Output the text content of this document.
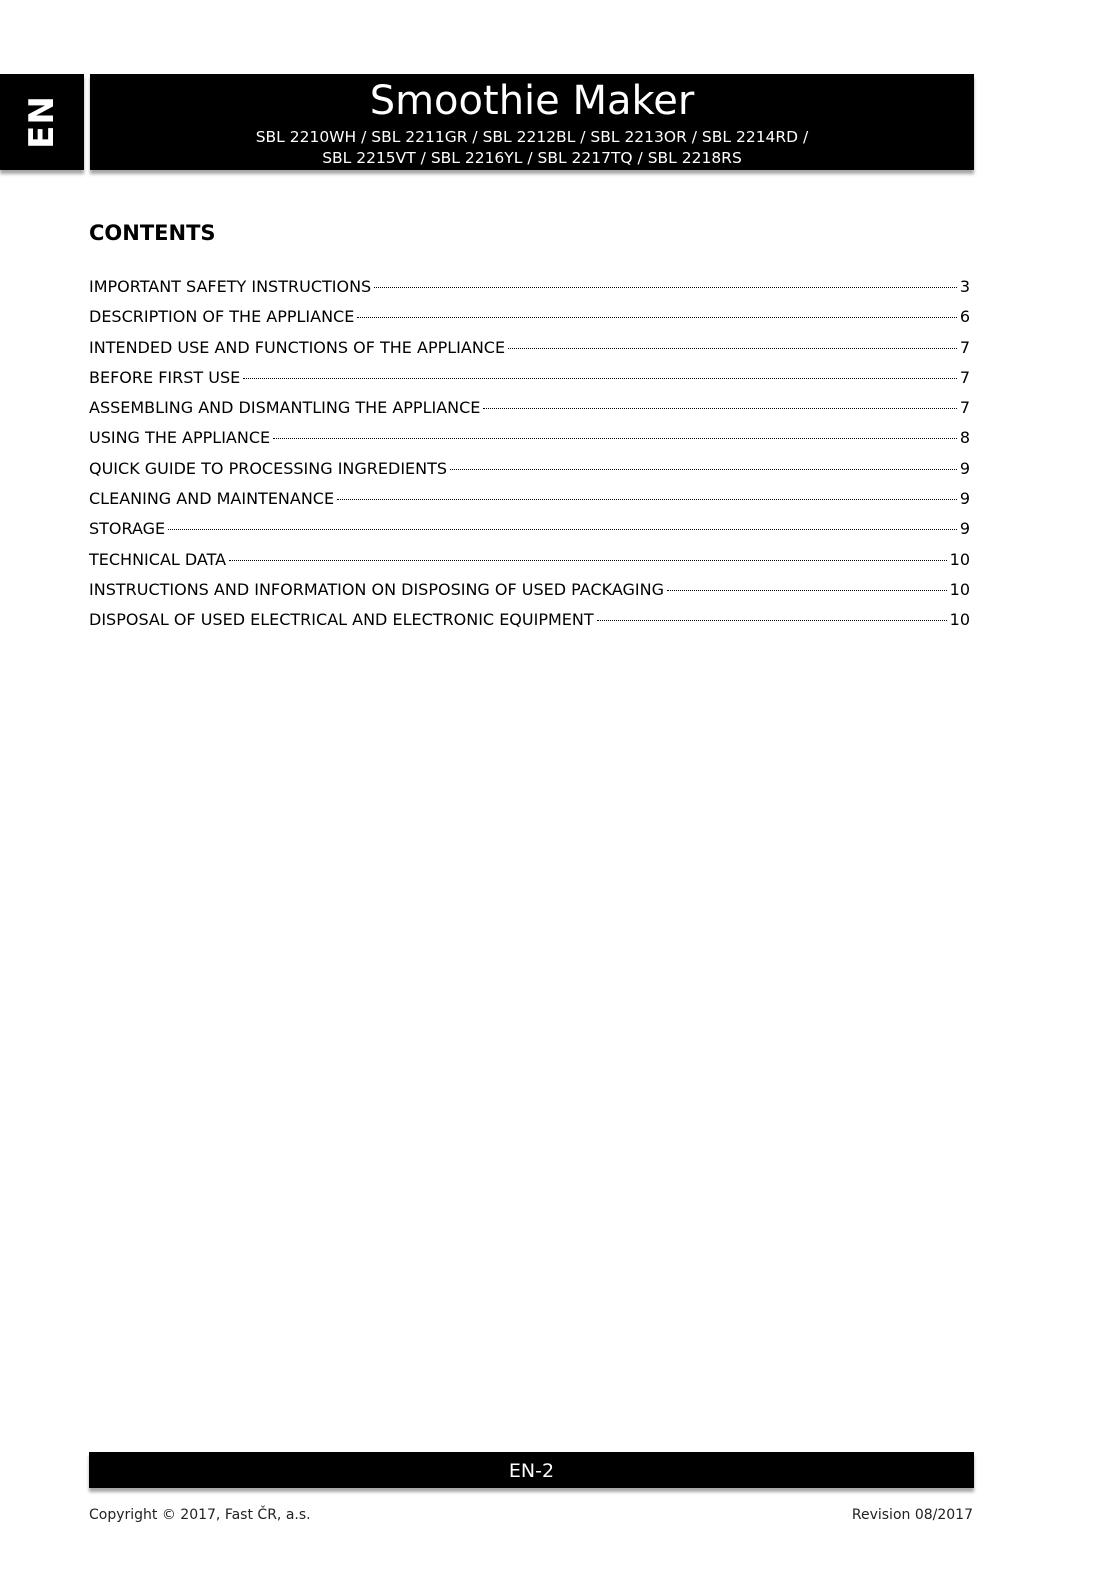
EN	Smoothie Maker
SBL 2210WH / SBL 2211GR / SBL 2212BL / SBL 2213OR / SBL 2214RD /
SBL 2215VT / SBL 2216YL / SBL 2217TQ / SBL 2218RS
CONTENTS
IMPORTANT SAFETY INSTRUCTIONS	3
DESCRIPTION OF THE APPLIANCE	6
INTENDED USE AND FUNCTIONS OF THE APPLIANCE	7
BEFORE FIRST USE	7
ASSEMBLING AND DISMANTLING THE APPLIANCE	7
USING THE APPLIANCE	8
QUICK GUIDE TO PROCESSING INGREDIENTS	9
CLEANING AND MAINTENANCE	9
STORAGE	9
TECHNICAL DATA	10
INSTRUCTIONS AND INFORMATION ON DISPOSING OF USED PACKAGING	10
DISPOSAL OF USED ELECTRICAL AND ELECTRONIC EQUIPMENT	10
EN-2
Copyright © 2017, Fast ČR, a.s.	Revision 08/2017
